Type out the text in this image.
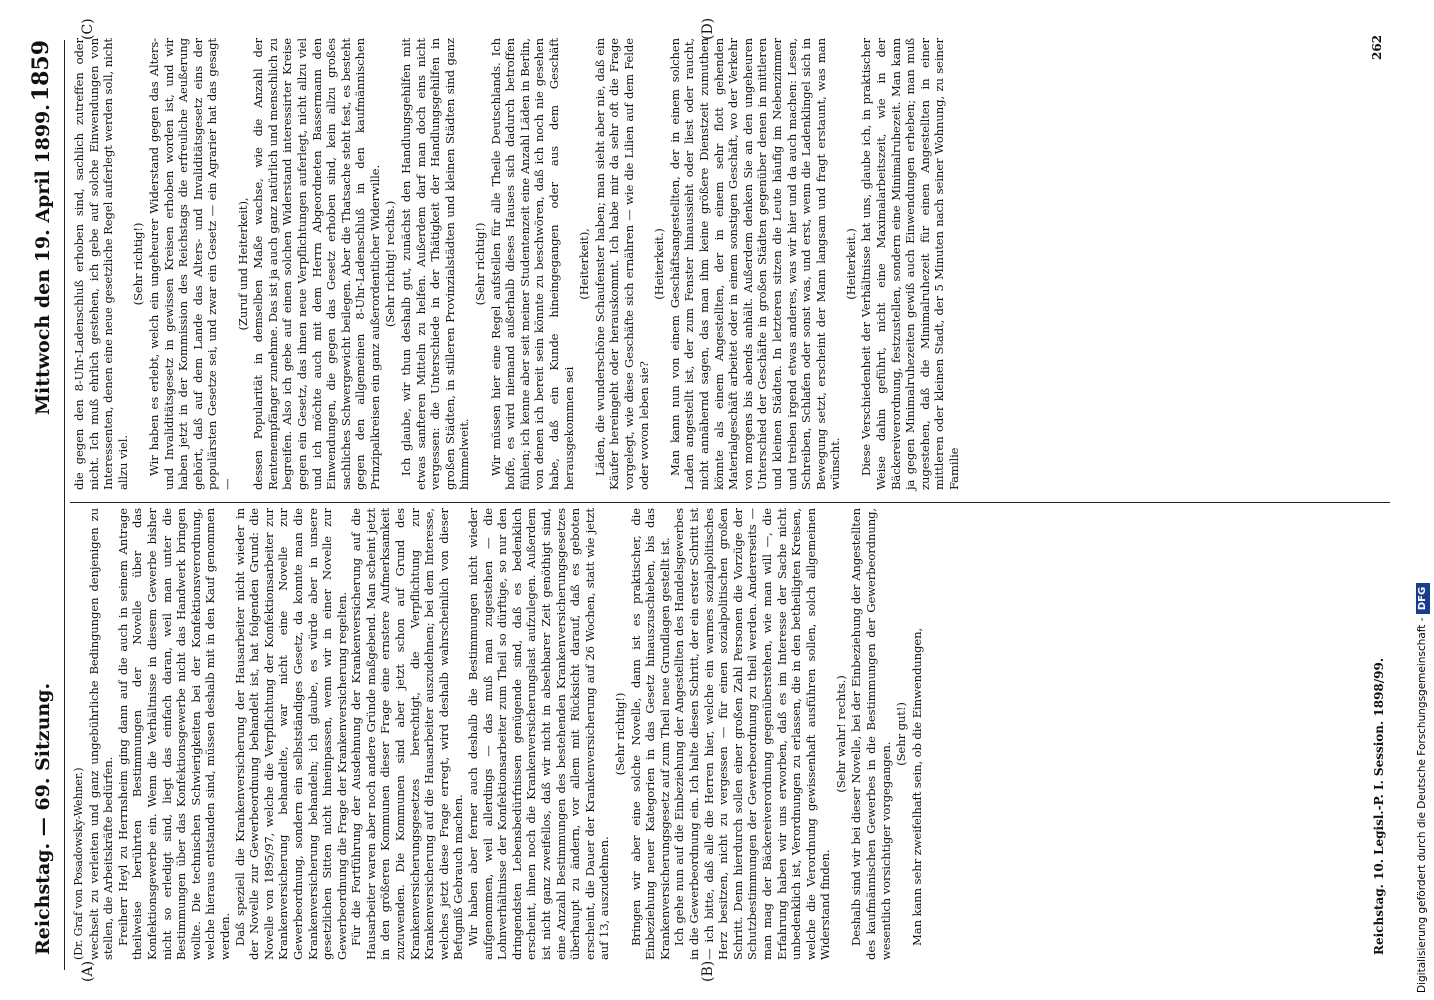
Reichstag. — 69. Sitzung.
Mittwoch den 19. April 1899.
1859
(A)	(B)
(C)	(D)

(Dr. Graf von Posadowsky-Wehner.) wechselt zu verleiten und ganz ungebührliche Bedingungen denjenigen zu stellen, die Arbeitskräfte bedürfen. Freiherr Heyl zu Herrnsheim ging dann auf die auch in seinem Antrage theilweise berührten Bestimmungen der Novelle über das Konfektionsgewerbe ein. Wenn die Verhältnisse in diesem Gewerbe bisher nicht so erledigt sind, liegt das einfach daran, weil man unter die Bestimmungen über das Konfektionsgewerbe nicht das Handwerk bringen wollte. Die technischen Schwierigkeiten bei der Konfektionsverordnung, welche hieraus entstanden sind, müssen deshalb mit in den Kauf genommen werden. Daß speziell die Krankenversicherung der Hausarbeiter nicht wieder in der Novelle zur Gewerbeordnung behandelt ist, hat folgenden Grund: die Novelle von 1895/97, welche die Verpflichtung der Konfektionsarbeiter zur Krankenversicherung behandelte, war nicht eine Novelle zur Gewerbeordnung, sondern ein selbstständiges Gesetz, da konnte man die Krankenversicherung behandeln; ich glaube, es würde aber in unsere gesetzlichen Sitten nicht hineinpassen, wenn wir in einer Novelle zur Gewerbeordnung die Frage der Krankenversicherung regelten. Für die Fortführung der Ausdehnung der Krankenversicherung auf die Hausarbeiter waren aber noch andere Gründe maßgebend. Man scheint jetzt in den größeren Kommunen dieser Frage eine ernstere Aufmerksamkeit zuzuwenden. Die Kommunen sind aber jetzt schon auf Grund des Krankenversicherungsgesetzes berechtigt, die Verpflichtung zur Krankenversicherung auf die Hausarbeiter auszudehnen; bei dem Interesse, welches jetzt diese Frage erregt, wird deshalb wahrscheinlich von dieser Befugniß Gebrauch machen. Wir haben aber ferner auch deshalb die Bestimmungen nicht wieder aufgenommen, weil allerdings — das muß man zugestehen — die Lohnverhältnisse der Konfektionsarbeiter zum Theil so dürftige, so nur den dringendsten Lebensbedürfnissen genügende sind, daß es bedenklich erscheint, ihnen noch die Krankenversicherungslast aufzulegen. Außerdem ist nicht ganz zweifellos, daß wir nicht in absehbarer Zeit genöthigt sind, eine Anzahl Bestimmungen des bestehenden Krankenversicherungsgesetzes überhaupt zu ändern, vor allem mit Rücksicht darauf, daß es geboten erscheint, die Dauer der Krankenversicherung auf 26 Wochen, statt wie jetzt auf 13, auszudehnen.

(Sehr richtig!) Bringen wir aber eine solche Novelle, dann ist es praktischer, die Einbeziehung neuer Kategorien in das Gesetz hinauszuschieben, bis das Krankenversicherungsgesetz auf zum Theil neue Grundlagen gestellt ist. Ich gehe nun auf die Einbeziehung der Angestellten des Handelsgewerbes in die Gewerbeordnung ein. Ich halte diesen Schritt, der ein erster Schritt ist — ich bitte, daß alle die Herren hier, welche ein warmes sozialpolitisches Herz besitzen, nicht zu vergessen — für einen sozialpolitischen großen Schritt. Denn hierdurch sollen einer großen Zahl Personen die Vorzüge der Schutzbestimmungen der Gewerbeordnung zu theil werden. Andererseits — man mag der Bäckereiverordnung gegenüberstehen, wie man will —, die Erfahrung haben wir uns erworben, daß es im Interesse der Sache nicht unbedenklich ist, Verordnungen zu erlassen, die in den betheiligten Kreisen, welche die Verordnung gewissenhaft ausführen sollen, solch allgemeinen Widerstand finden.

(Sehr wahr! rechts.) Deshalb sind wir bei dieser Novelle, bei der Einbeziehung der Angestellten des kaufmännischen Gewerbes in die Bestimmungen der Gewerbeordnung, wesentlich vorsichtiger vorgegangen.

(Sehr gut!) Man kann sehr zweifelhaft sein, ob die Einwendungen,	Reichstag. 10. Legisl.-P. I. Session. 1898/99.

die gegen den 8-Uhr-Ladenschluß erhoben sind, sachlich zutreffen oder nicht. Ich muß ehrlich gestehen, ich gebe auf solche Einwendungen von Interessenten, denen eine neue gesetzliche Regel auferlegt werden soll, nicht allzu viel.

(Sehr richtig!) Wir haben es erlebt, welch ein ungeheurer Widerstand gegen das Alters- und Invaliditätsgesetz in gewissen Kreisen erhoben worden ist, und wir haben jetzt in der Kommission des Reichstags die erfreuliche Aeußerung gehört, daß auf dem Lande das Alters- und Invaliditätsgesetz eins der populärsten Gesetze sei, und zwar ein Gesetz — ein Agrarier hat das gesagt —

(Zuruf und Heiterkeit), dessen Popularität in demselben Maße wachse, wie die Anzahl der Rentenempfänger zunehme. Das ist ja auch ganz natürlich und menschlich zu begreifen. Also ich gebe auf einen solchen Widerstand interessirter Kreise gegen ein Gesetz, das ihnen neue Verpflichtungen auferlegt, nicht allzu viel und ich möchte auch mit dem Herrn Abgeordneten Bassermann den Einwendungen, die gegen das Gesetz erhoben sind, kein allzu großes sachliches Schwergewicht beilegen. Aber die Thatsache steht fest, es besteht gegen den allgemeinen 8-Uhr-Ladenschluß in den kaufmännischen Prinzipalkreisen ein ganz außerordentlicher Widerwille. (Sehr richtig! rechts.) Ich glaube, wir thun deshalb gut, zunächst den Handlungsgehilfen mit etwas sanfteren Mitteln zu helfen. Außerdem darf man doch eins nicht vergessen: die Unterschiede in der Thätigkeit der Handlungsgehilfen in großen Städten, in stilleren Provinzialstädten und kleinen Städten sind ganz himmelweit.

(Sehr richtig!) Wir müssen hier eine Regel aufstellen für alle Theile Deutschlands. Ich hoffe, es wird niemand außerhalb dieses Hauses sich dadurch betroffen fühlen; ich kenne aber seit meiner Studentenzeit eine Anzahl Läden in Berlin, von denen ich bereit sein könnte zu beschwören, daß ich noch nie gesehen habe, daß ein Kunde hineingegangen oder aus dem Geschäft herausgekommen sei

(Heiterkeit), Läden, die wunderschöne Schaufenster haben; man sieht aber nie, daß ein Käufer hereingeht oder herauskommt. Ich habe mir da sehr oft die Frage vorgelegt, wie diese Geschäfte sich ernähren — wie die Lilien auf dem Felde oder wovon leben sie?

(Heiterkeit.) Man kann nun von einem Geschäftsangestellten, der in einem solchen Laden angestellt ist, der zum Fenster hinaussieht oder liest oder raucht, nicht annähernd sagen, das man ihm keine größere Dienstzeit zumuthen könnte als einem Angestellten, der in einem sehr flott gehenden Materialgeschäft arbeitet oder in einem sonstigen Geschäft, wo der Verkehr von morgens bis abends anhält. Außerdem denken Sie an den ungeheuren Unterschied der Geschäfte in großen Städten gegenüber denen in mittleren und kleinen Städten. In letzteren sitzen die Leute häufig im Nebenzimmer und treiben irgend etwas anderes, was wir hier und da auch machen: Lesen, Schreiben, Schlafen oder sonst was, und erst, wenn die Ladenklingel sich in Bewegung setzt, erscheint der Mann langsam und fragt erstaunt, was man wünscht.

(Heiterkeit.) Diese Verschiedenheit der Verhältnisse hat uns, glaube ich, in praktischer Weise dahin geführt, nicht eine Maximalarbeitszeit, wie in der Bäckereiverordnung, festzustellen, sondern eine Minimalruhezeit. Man kann ja gegen Minimalruhezeiten gewiß auch Einwendungen erheben; man muß zugestehen, daß die Minimalruhezeit für einen Angestellten in einer mittleren oder kleinen Stadt, der 5 Minuten nach seiner Wohnung, zu seiner Familie

262
Digitalisierung gefördert durch die Deutsche Forschungsgemeinschaft - DFG
